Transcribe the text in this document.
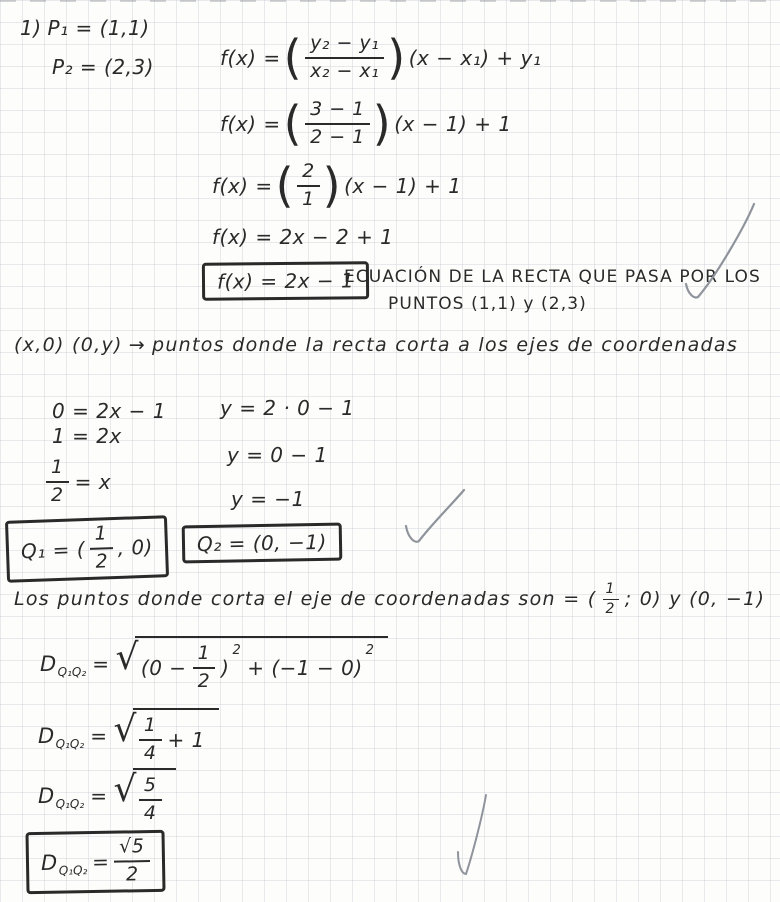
1) P₁ = (1,1)
P₂ = (2,3)	f(x) = ( $\frac{\text{y₂ − y₁}}{\text{x₂ − x₁}}$ ) (x − x₁) + y₁
f(x) = ( $\frac{3 - 1}{2 - 1}$ ) (x − 1) + 1
f(x) = ( $\frac{2}{1}$ ) (x − 1) + 1
f(x) = 2x − 2 + 1
f(x) = 2x − 1
ECUACIÓN DE LA RECTA QUE PASA POR LOS
PUNTOS (1,1) y (2,3)
(x,0) (0,y) → puntos donde la recta corta a los ejes de coordenadas
0 = 2x − 1
1 = 2x
$\frac{1}{2} = x$
y = 2 · 0 − 1
y = 0 − 1
y = −1
Q₁ = ( $\frac{1}{2}$ , 0) Q₂ = (0, −1)
Los puntos donde corta el eje de coordenadas son = ( $\frac{1}{2}$ ; 0) y (0, −1)
$D_{Q_1Q_2}$ = √ ($0 - \frac{1}{2}$ )
2
+ (−1 − 0)
2
$D_{Q_1Q_2}$ = √ $\frac{1}{4} + 1$
$D_{Q_1Q_2}$ = √ $\frac{5}{4}$
$D_{Q_1Q_2} = \frac{√5}{2}$
